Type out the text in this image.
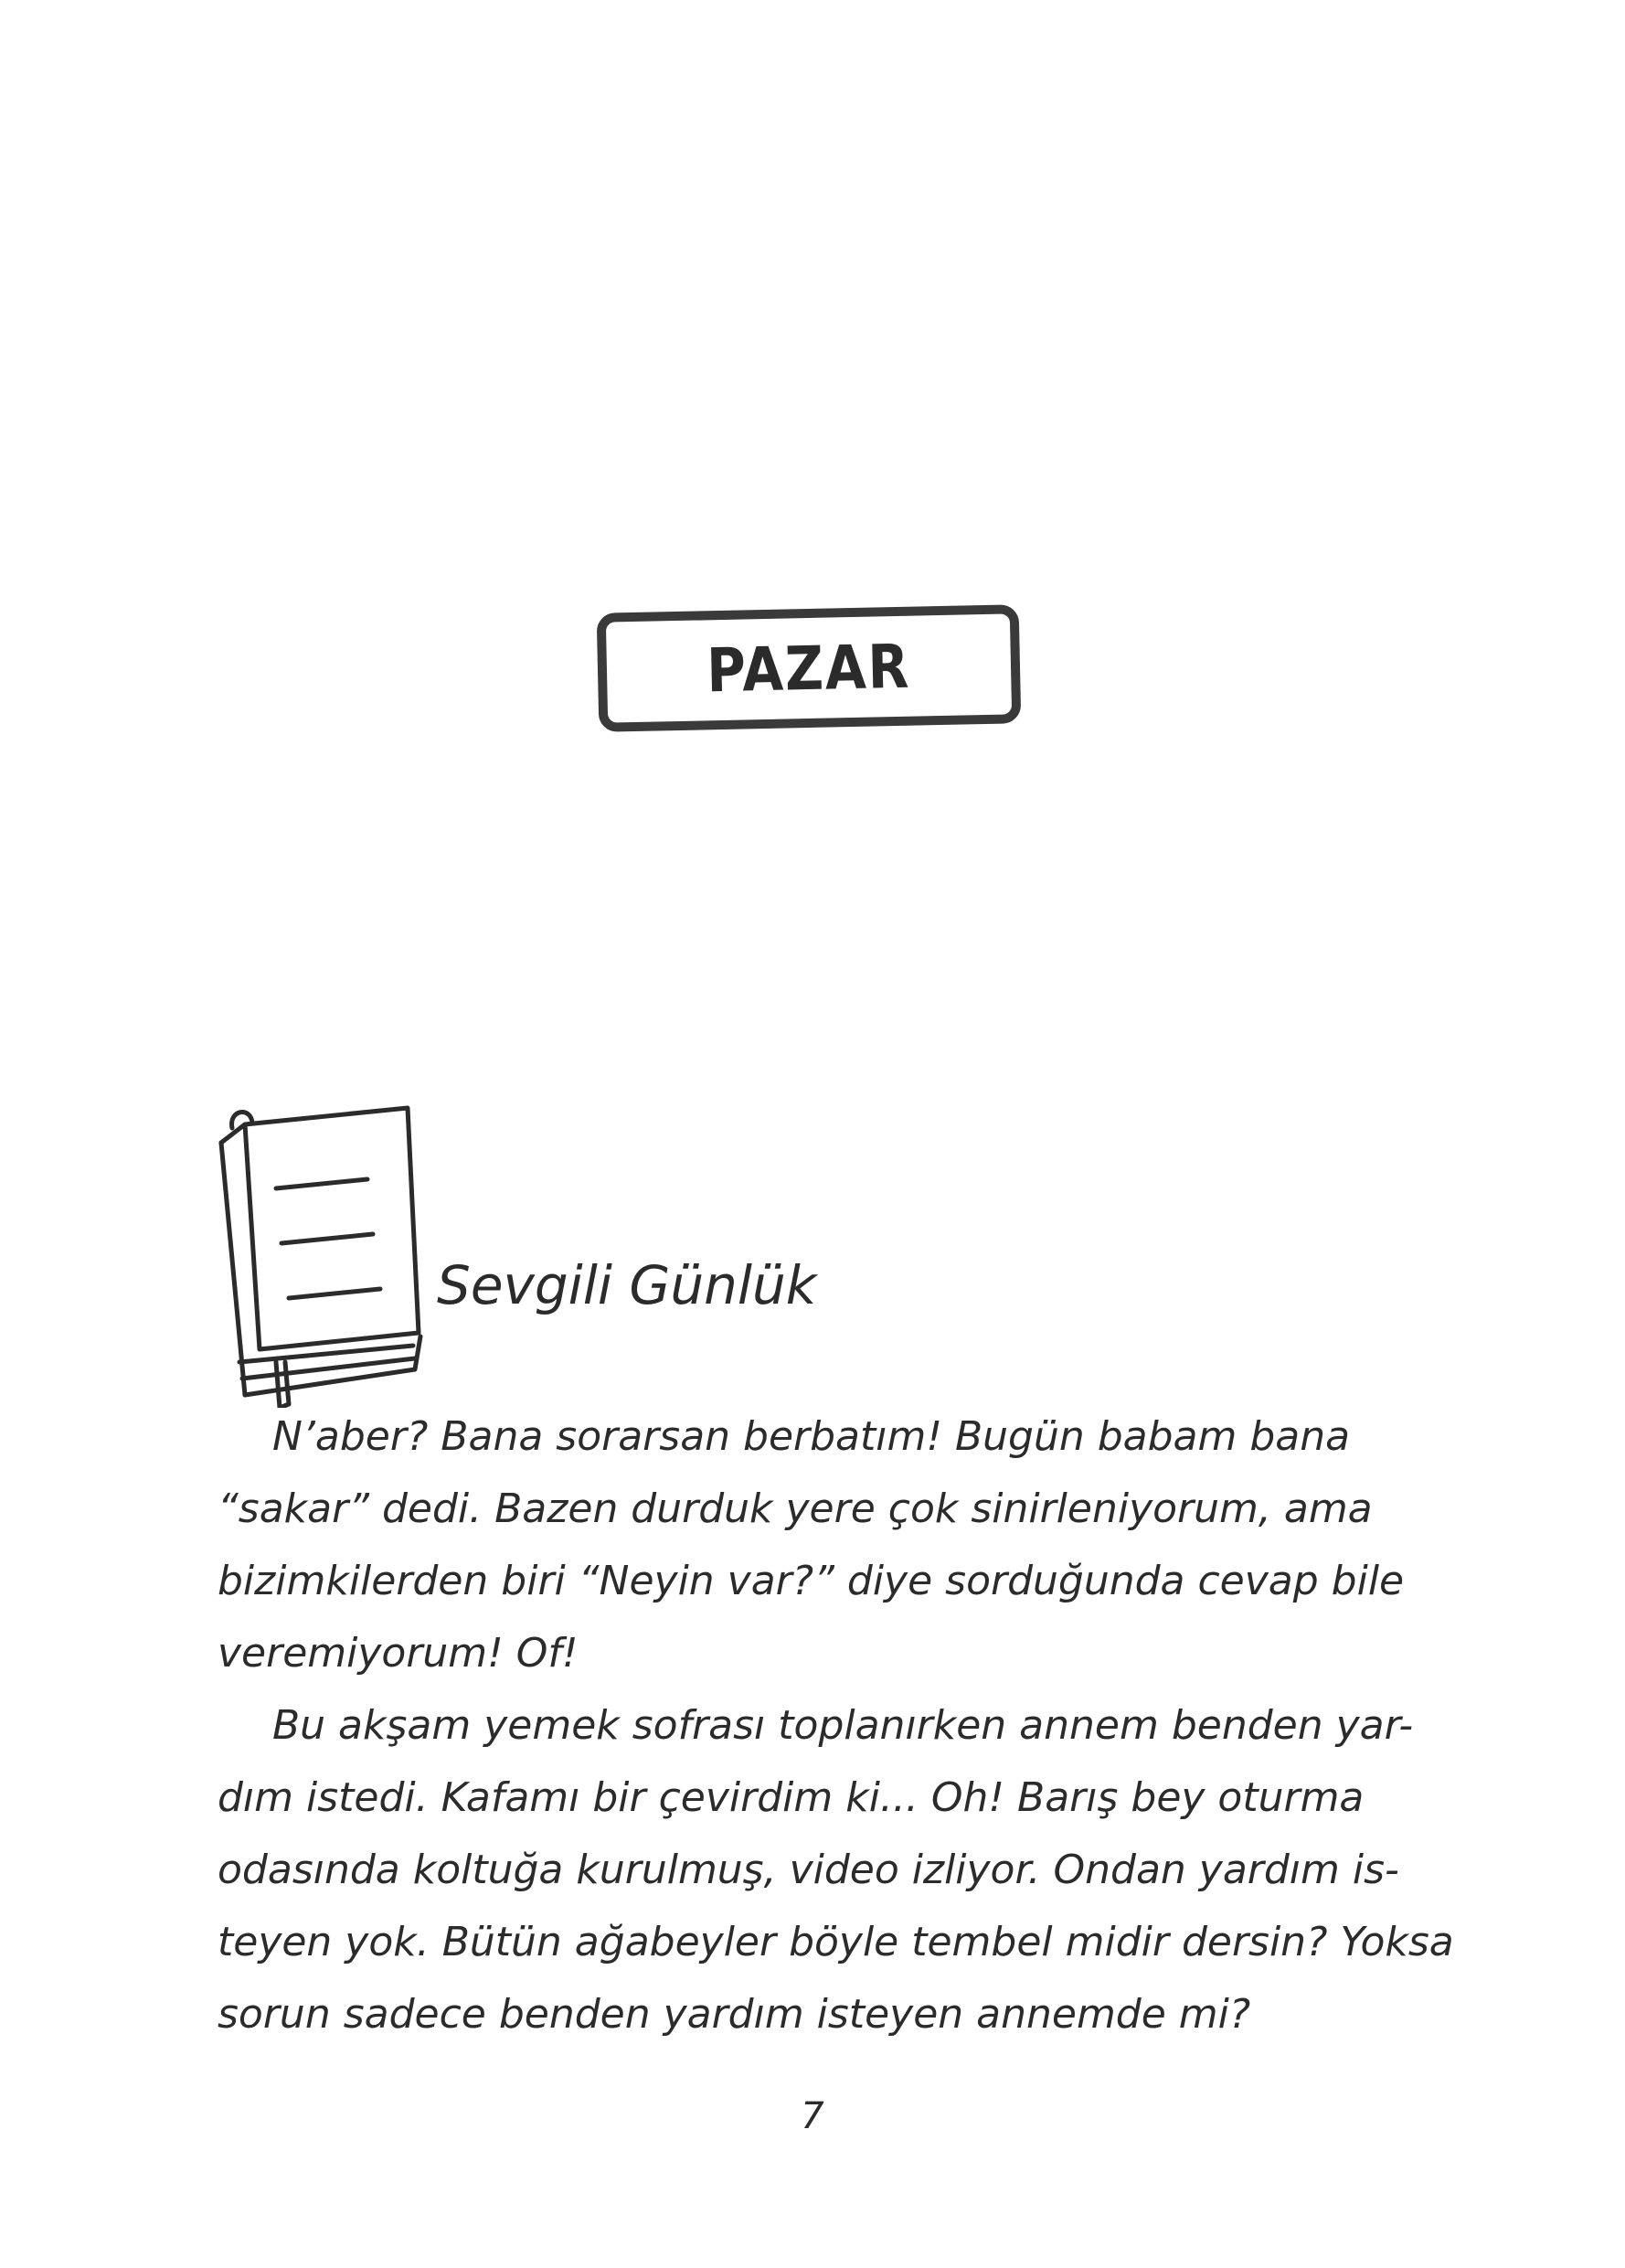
PAZAR
Sevgili Günlük

N’aber? Bana sorarsan berbatım! Bugün babam bana
“sakar” dedi. Bazen durduk yere çok sinirleniyorum, ama
bizimkilerden biri “Neyin var?” diye sorduğunda cevap bile
veremiyorum! Of!

Bu akşam yemek sofrası toplanırken annem benden yar-
dım istedi. Kafamı bir çevirdim ki... Oh! Barış bey oturma
odasında koltuğa kurulmuş, video izliyor. Ondan yardım is-
teyen yok. Bütün ağabeyler böyle tembel midir dersin? Yoksa
sorun sadece benden yardım isteyen annemde mi?

7
